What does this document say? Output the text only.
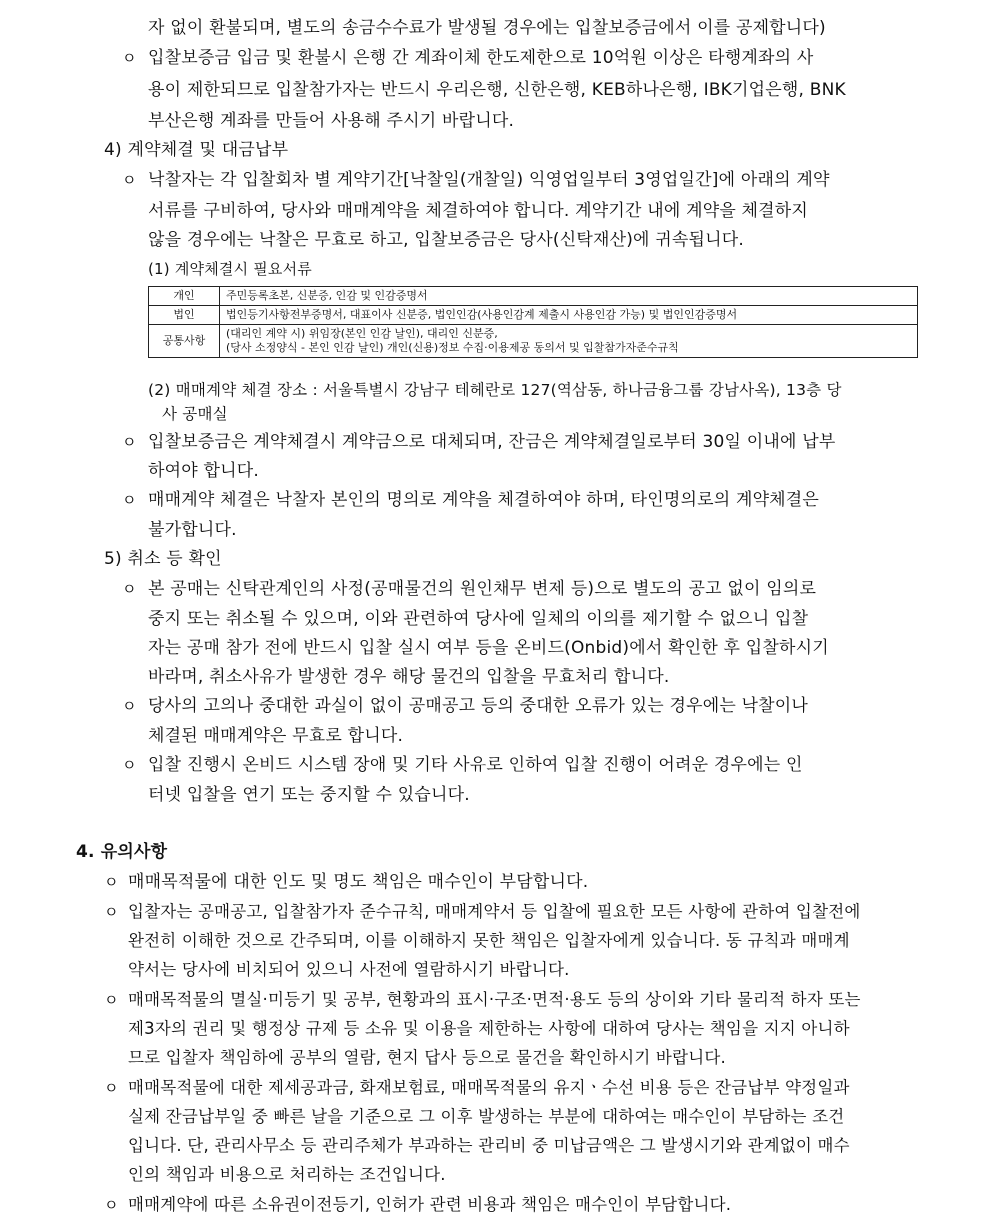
자 없이 환불되며, 별도의 송금수수료가 발생될 경우에는 입찰보증금에서 이를 공제합니다)
ㅇ 입찰보증금 입금 및 환불시 은행 간 계좌이체 한도제한으로 10억원 이상은 타행계좌의 사
용이 제한되므로 입찰참가자는 반드시 우리은행, 신한은행, KEB하나은행, IBK기업은행, BNK
부산은행 계좌를 만들어 사용해 주시기 바랍니다.
4) 계약체결 및 대금납부
ㅇ 낙찰자는 각 입찰회차 별 계약기간[낙찰일(개찰일) 익영업일부터 3영업일간]에 아래의 계약
서류를 구비하여, 당사와 매매계약을 체결하여야 합니다. 계약기간 내에 계약을 체결하지
않을 경우에는 낙찰은 무효로 하고, 입찰보증금은 당사(신탁재산)에 귀속됩니다.
(1) 계약체결시 필요서류
개인	주민등록초본, 신분증, 인감 및 인감증명서
법인	법인등기사항전부증명서, 대표이사 신분증, 법인인감(사용인감계 제출시 사용인감 가능) 및 법인인감증명서
공통사항	(대리인 계약 시) 위임장(본인 인감 날인), 대리인 신분증,
(당사 소정양식 - 본인 인감 날인) 개인(신용)정보 수집·이용제공 동의서 및 입찰참가자준수규칙
(2) 매매계약 체결 장소 : 서울특별시 강남구 테헤란로 127(역삼동, 하나금융그룹 강남사옥), 13층 당
사 공매실
ㅇ 입찰보증금은 계약체결시 계약금으로 대체되며, 잔금은 계약체결일로부터 30일 이내에 납부
하여야 합니다.
ㅇ 매매계약 체결은 낙찰자 본인의 명의로 계약을 체결하여야 하며, 타인명의로의 계약체결은
불가합니다.
5) 취소 등 확인
ㅇ 본 공매는 신탁관계인의 사정(공매물건의 원인채무 변제 등)으로 별도의 공고 없이 임의로
중지 또는 취소될 수 있으며, 이와 관련하여 당사에 일체의 이의를 제기할 수 없으니 입찰
자는 공매 참가 전에 반드시 입찰 실시 여부 등을 온비드(Onbid)에서 확인한 후 입찰하시기
바라며, 취소사유가 발생한 경우 해당 물건의 입찰을 무효처리 합니다.
ㅇ 당사의 고의나 중대한 과실이 없이 공매공고 등의 중대한 오류가 있는 경우에는 낙찰이나
체결된 매매계약은 무효로 합니다.
ㅇ 입찰 진행시 온비드 시스템 장애 및 기타 사유로 인하여 입찰 진행이 어려운 경우에는 인
터넷 입찰을 연기 또는 중지할 수 있습니다.
4. 유의사항
ㅇ 매매목적물에 대한 인도 및 명도 책임은 매수인이 부담합니다.
ㅇ 입찰자는 공매공고, 입찰참가자 준수규칙, 매매계약서 등 입찰에 필요한 모든 사항에 관하여 입찰전에
완전히 이해한 것으로 간주되며, 이를 이해하지 못한 책임은 입찰자에게 있습니다. 동 규칙과 매매계
약서는 당사에 비치되어 있으니 사전에 열람하시기 바랍니다.
ㅇ 매매목적물의 멸실·미등기 및 공부, 현황과의 표시·구조·면적·용도 등의 상이와 기타 물리적 하자 또는
제3자의 권리 및 행정상 규제 등 소유 및 이용을 제한하는 사항에 대하여 당사는 책임을 지지 아니하
므로 입찰자 책임하에 공부의 열람, 현지 답사 등으로 물건을 확인하시기 바랍니다.
ㅇ 매매목적물에 대한 제세공과금, 화재보험료, 매매목적물의 유지ㆍ수선 비용 등은 잔금납부 약정일과
실제 잔금납부일 중 빠른 날을 기준으로 그 이후 발생하는 부분에 대하여는 매수인이 부담하는 조건
입니다. 단, 관리사무소 등 관리주체가 부과하는 관리비 중 미납금액은 그 발생시기와 관계없이 매수
인의 책임과 비용으로 처리하는 조건입니다.
ㅇ 매매계약에 따른 소유권이전등기, 인허가 관련 비용과 책임은 매수인이 부담합니다.
